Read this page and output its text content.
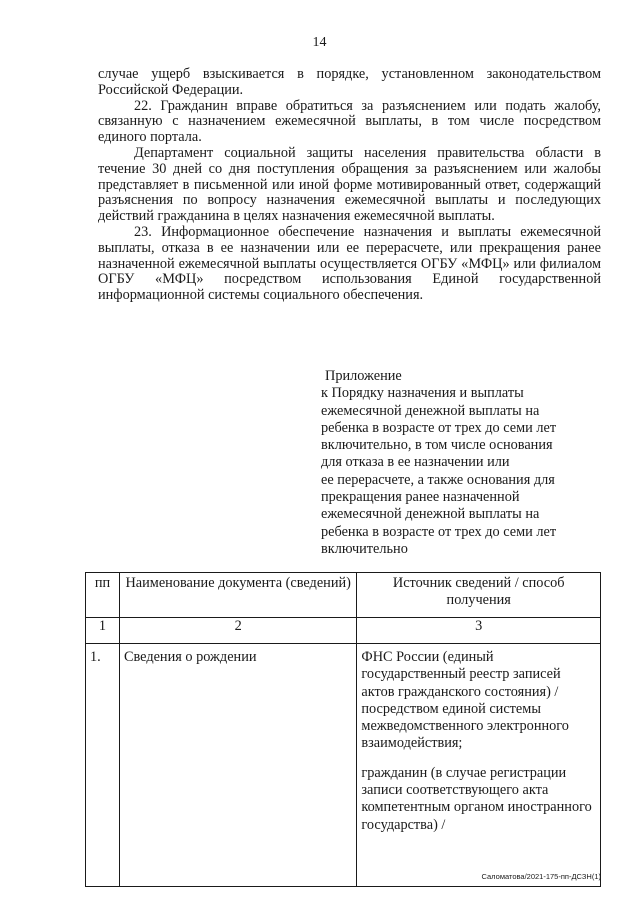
14

случае ущерб взыскивается в порядке, установленном законодательством Российской Федерации.

22. Гражданин вправе обратиться за разъяснением или подать жалобу, связанную с назначением ежемесячной выплаты, в том числе посредством единого портала.

Департамент социальной защиты населения правительства области в течение 30 дней со дня поступления обращения за разъяснением или жалобы представляет в письменной или иной форме мотивированный ответ, содержащий разъяснения по вопросу назначения ежемесячной выплаты и последующих действий гражданина в целях назначения ежемесячной выплаты.

23. Информационное обеспечение назначения и выплаты ежемесячной выплаты, отказа в ее назначении или ее перерасчете, или прекращения ранее назначенной ежемесячной выплаты осуществляется ОГБУ «МФЦ» или филиалом ОГБУ «МФЦ» посредством использования Единой государственной информационной системы социального обеспечения.

Приложение
к Порядку назначения и выплаты
ежемесячной денежной выплаты на
ребенка в возрасте от трех до семи лет
включительно, в том числе основания
для отказа в ее назначении или
ее перерасчете, а также основания для
прекращения ранее назначенной
ежемесячной денежной выплаты на
ребенка в возрасте от трех до семи лет
включительно
пп	Наименование документа (сведений)	Источник сведений / способ получения
1	2	3
1.	Сведения о рождении	ФНС России (единый государственный реестр записей актов гражданского состояния) / посредством единой системы межведомственного электронного взаимодействия;

гражданин (в случае регистрации записи соответствующего акта компетентным органом иностранного государства) /

Саломатова/2021-175-пп-ДСЗН(1)
